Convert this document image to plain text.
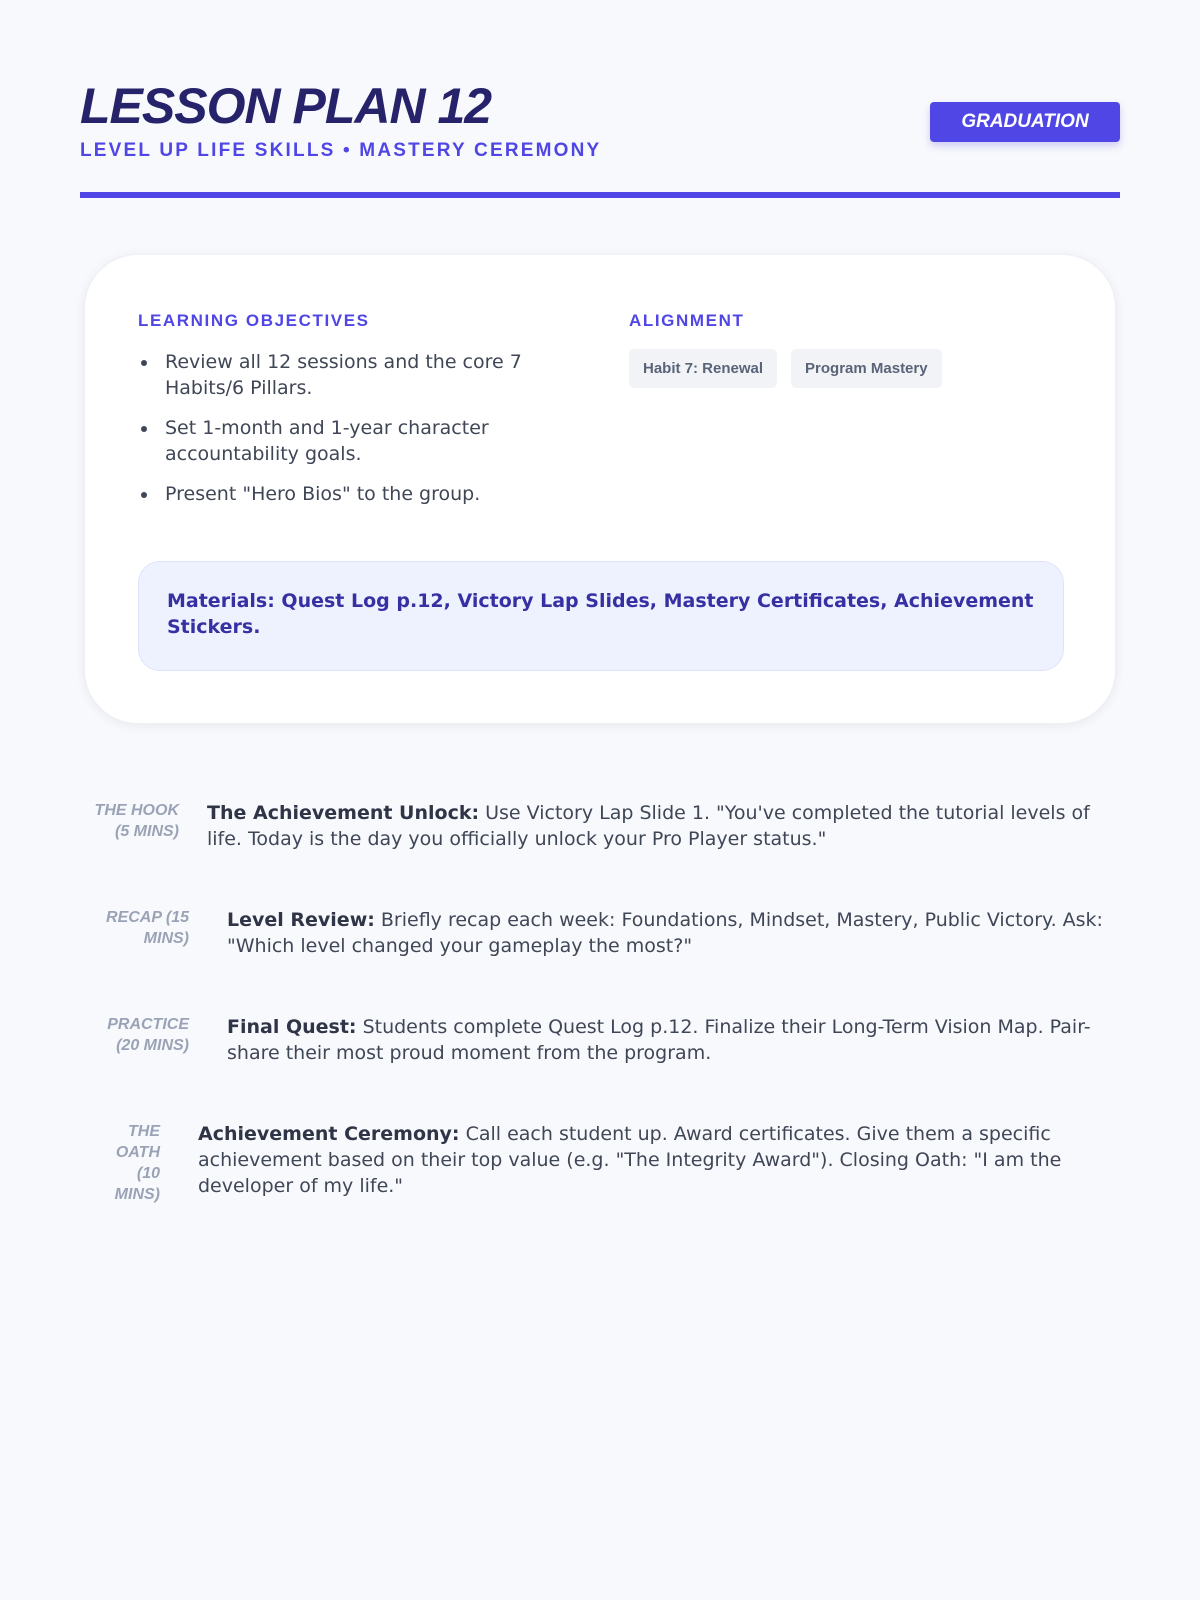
LESSON PLAN 12
LEVEL UP LIFE SKILLS • MASTERY CEREMONY
GRADUATION
LEARNING OBJECTIVES
Review all 12 sessions and the core 7 Habits/6 Pillars.
Set 1-month and 1-year character accountability goals.
Present "Hero Bios" to the group.
ALIGNMENT
Habit 7: Renewal	Program Mastery
Materials: Quest Log p.12, Victory Lap Slides, Mastery Certificates, Achievement Stickers.
THE HOOK (5 MINS)
The Achievement Unlock: Use Victory Lap Slide 1. "You've completed the tutorial levels of life. Today is the day you officially unlock your Pro Player status."
RECAP (15 MINS)
Level Review: Briefly recap each week: Foundations, Mindset, Mastery, Public Victory. Ask: "Which level changed your gameplay the most?"
PRACTICE (20 MINS)
Final Quest: Students complete Quest Log p.12. Finalize their Long-Term Vision Map. Pair-share their most proud moment from the program.
THE OATH (10 MINS)
Achievement Ceremony: Call each student up. Award certificates. Give them a specific achievement based on their top value (e.g. "The Integrity Award"). Closing Oath: "I am the developer of my life."
